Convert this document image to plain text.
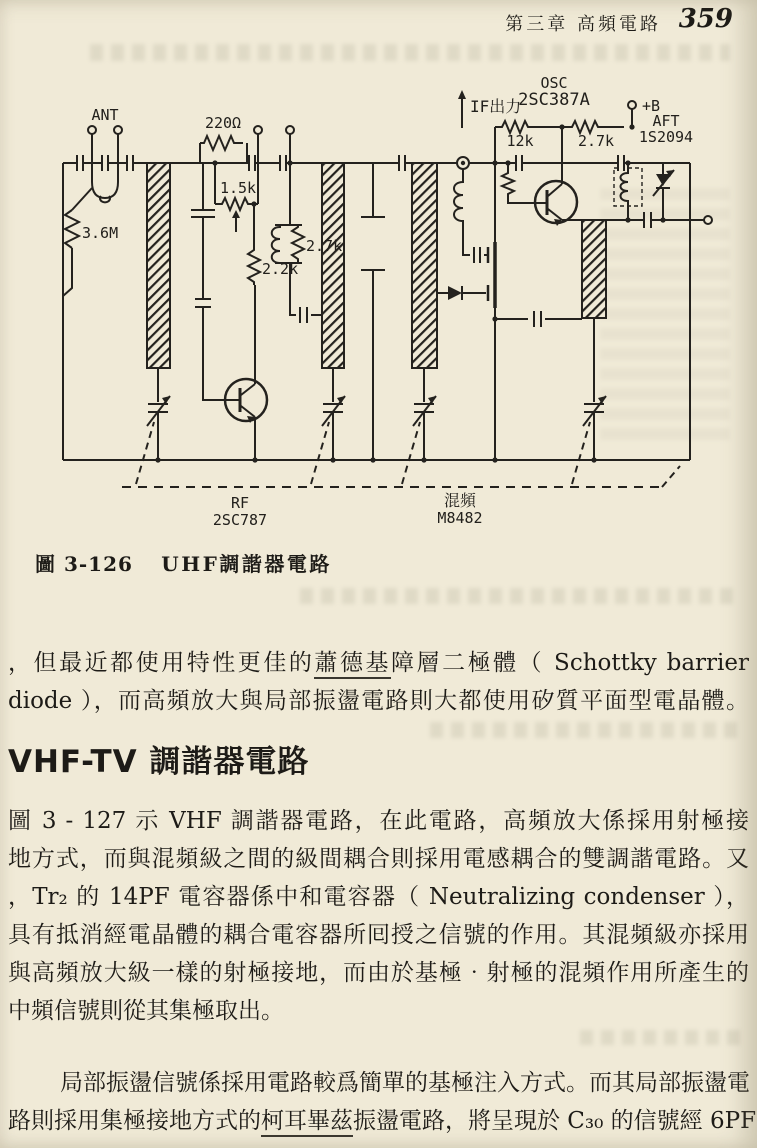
第三章 高頻電路 359
ANT	220Ω
1.5k
2.2k
2.7k
3.6M
IF出力
OSC
2SC387A
12k	2.7k
+B
AFT
1S2094
RF
2SC787
混頻
M8482
圖 3-126 UHF調諧器電路
，但最近都使用特性更佳的蕭德基障層二極體（ Schottky barrier
diode ），而高頻放大與局部振盪電路則大都使用矽質平面型電晶體。
VHF-TV 調諧器電路
圖 3 - 127 示 VHF 調諧器電路，在此電路，高頻放大係採用射極接
地方式，而與混頻級之間的級間耦合則採用電感耦合的雙調諧電路。又
，Tr₂ 的 14PF 電容器係中和電容器（ Neutralizing condenser ），
具有抵消經電晶體的耦合電容器所囘授之信號的作用。其混頻級亦採用
與高頻放大級一樣的射極接地，而由於基極‧射極的混頻作用所產生的
中頻信號則從其集極取出。
局部振盪信號係採用電路較爲簡單的基極注入方式。而其局部振盪電
路則採用集極接地方式的柯耳畢茲振盪電路，將呈現於 C₃₀ 的信號經 6PF
